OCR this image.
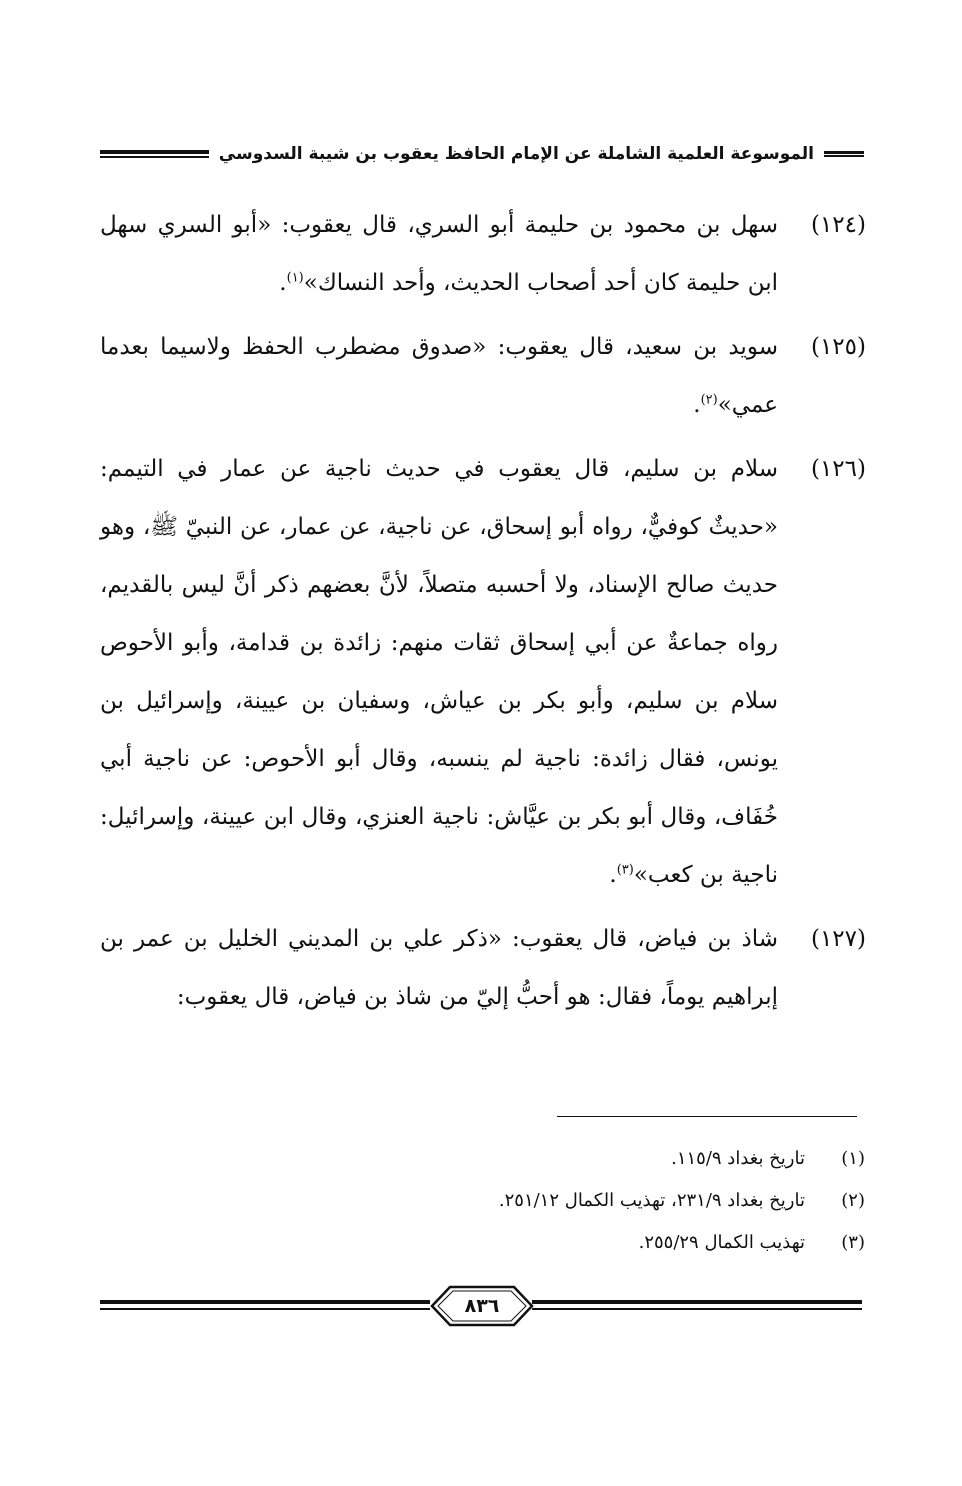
الموسوعة العلمية الشاملة عن الإمام الحافظ يعقوب بن شيبة السدوسي
(١٢٤)
سهل بن محمود بن حليمة أبو السري، قال يعقوب: «أبو السري سهل ابن حليمة كان أحد أصحاب الحديث، وأحد النساك»$^{(١)}$.
(١٢٥)
سويد بن سعيد، قال يعقوب: «صدوق مضطرب الحفظ ولاسيما بعدما عمي»$^{(٢)}$.
(١٢٦)
سلام بن سليم، قال يعقوب في حديث ناجية عن عمار في التيمم: «حديثٌ كوفيٌّ، رواه أبو إسحاق، عن ناجية، عن عمار، عن النبيّ ﷺ، وهو حديث صالح الإسناد، ولا أحسبه متصلاً، لأنَّ بعضهم ذكر أنَّ ليس بالقديم، رواه جماعةٌ عن أبي إسحاق ثقات منهم: زائدة بن قدامة، وأبو الأحوص سلام بن سليم، وأبو بكر بن عياش، وسفيان بن عيينة، وإسرائيل بن يونس، فقال زائدة: ناجية لم ينسبه، وقال أبو الأحوص: عن ناجية أبي خُفَاف، وقال أبو بكر بن عيَّاش: ناجية العنزي، وقال ابن عيينة، وإسرائيل: ناجية بن كعب»$^{(٣)}$.
(١٢٧)
شاذ بن فياض، قال يعقوب: «ذكر علي بن المديني الخليل بن عمر بن إبراهيم يوماً، فقال: هو أحبُّ إليّ من شاذ بن فياض، قال يعقوب:
(١)
تاريخ بغداد ١١٥/٩.
(٢)
تاريخ بغداد ٢٣١/٩، تهذيب الكمال ٢٥١/١٢.
(٣)
تهذيب الكمال ٢٥٥/٢٩.
٨٣٦
